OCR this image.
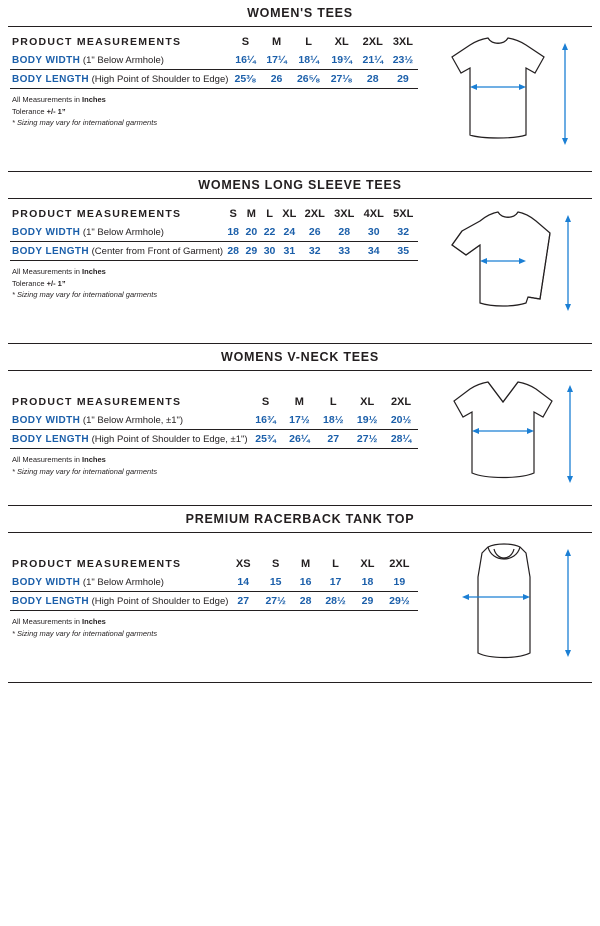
WOMEN'S TEES
PRODUCT MEASUREMENTS	S	M	L	XL	2XL	3XL
BODY WIDTH (1" Below Armhole)	16¼	17¼	18¼	19¾	21¼	23½
BODY LENGTH (High Point of Shoulder to Edge)	25³⁄₈	26	26⁵⁄₈	27¹⁄₈	28	29
All Measurements in Inches
Tolerance +/- 1”
* Sizing may vary for international garments
WOMENS LONG SLEEVE TEES
PRODUCT MEASUREMENTS	S	M	L	XL	2XL	3XL	4XL	5XL
BODY WIDTH (1" Below Armhole)	18	20	22	24	26	28	30	32
BODY LENGTH (Center from Front of Garment)	28	29	30	31	32	33	34	35
All Measurements in Inches
Tolerance +/- 1”
* Sizing may vary for international garments
WOMENS V-NECK TEES
PRODUCT MEASUREMENTS	S	M	L	XL	2XL
BODY WIDTH (1" Below Armhole, ±1")	16¾	17½	18½	19½	20½
BODY LENGTH (High Point of Shoulder to Edge, ±1")	25¾	26¼	27	27½	28¼
All Measurements in Inches
* Sizing may vary for international garments
PREMIUM RACERBACK TANK TOP
PRODUCT MEASUREMENTS	XS	S	M	L	XL	2XL
BODY WIDTH (1" Below Armhole)	14	15	16	17	18	19
BODY LENGTH (High Point of Shoulder to Edge)	27	27½	28	28½	29	29½
All Measurements in Inches
* Sizing may vary for international garments
